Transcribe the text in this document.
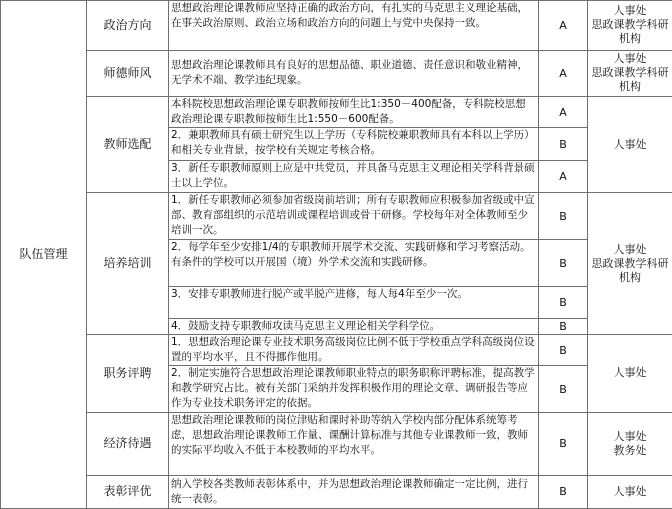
队伍管理	政治方向	思想政治理论课教师应坚持正确的政治方向，有扎实的马克思主义理论基础，在事关政治原则、政治立场和政治方向的问题上与党中央保持一致。	A	人事处
思政课教学科研机构
	师德师风	思想政治理论课教师具有良好的思想品德、职业道德、责任意识和敬业精神，无学术不端、教学违纪现象。	A	人事处
思政课教学科研机构
	教师选配	本科院校思想政治理论课专职教师按师生比1:350－400配备，专科院校思想政治理论课专职教师按师生比1:550－600配备。	A	人事处
		2．兼职教师具有硕士研究生以上学历（专科院校兼职教师具有本科以上学历）和相关专业背景，按学校有关规定考核合格。	B	
		3．新任专职教师原则上应是中共党员，并具备马克思主义理论相关学科背景硕士以上学位。	A	
	培养培训	1．新任专职教师必须参加省级岗前培训；所有专职教师应积极参加省级或中宣部、教育部组织的示范培训或课程培训或骨干研修。学校每年对全体教师至少培训一次。	B	人事处
思政课教学科研机构
		2．每学年至少安排1/4的专职教师开展学术交流、实践研修和学习考察活动。有条件的学校可以开展国（境）外学术交流和实践研修。	B	
		3．安排专职教师进行脱产或半脱产进修，每人每4年至少一次。	B	
		4．鼓励支持专职教师攻读马克思主义理论相关学科学位。	B	
	职务评聘	1．思想政治理论课专业技术职务高级岗位比例不低于学校重点学科高级岗位设置的平均水平，且不得挪作他用。	B	人事处
		2．制定实施符合思想政治理论课教师职业特点的职务职称评聘标准，提高教学和教学研究占比。被有关部门采纳并发挥积极作用的理论文章、调研报告等应作为专业技术职务评定的依据。	B	
	经济待遇	思想政治理论课教师的岗位津贴和课时补助等纳入学校内部分配体系统筹考虑，思想政治理论课教师工作量、课酬计算标准与其他专业课教师一致，教师的实际平均收入不低于本校教师的平均水平。	B	人事处
教务处
	表彰评优	纳入学校各类教师表彰体系中，并为思想政治理论课教师确定一定比例，进行统一表彰。	B	人事处
